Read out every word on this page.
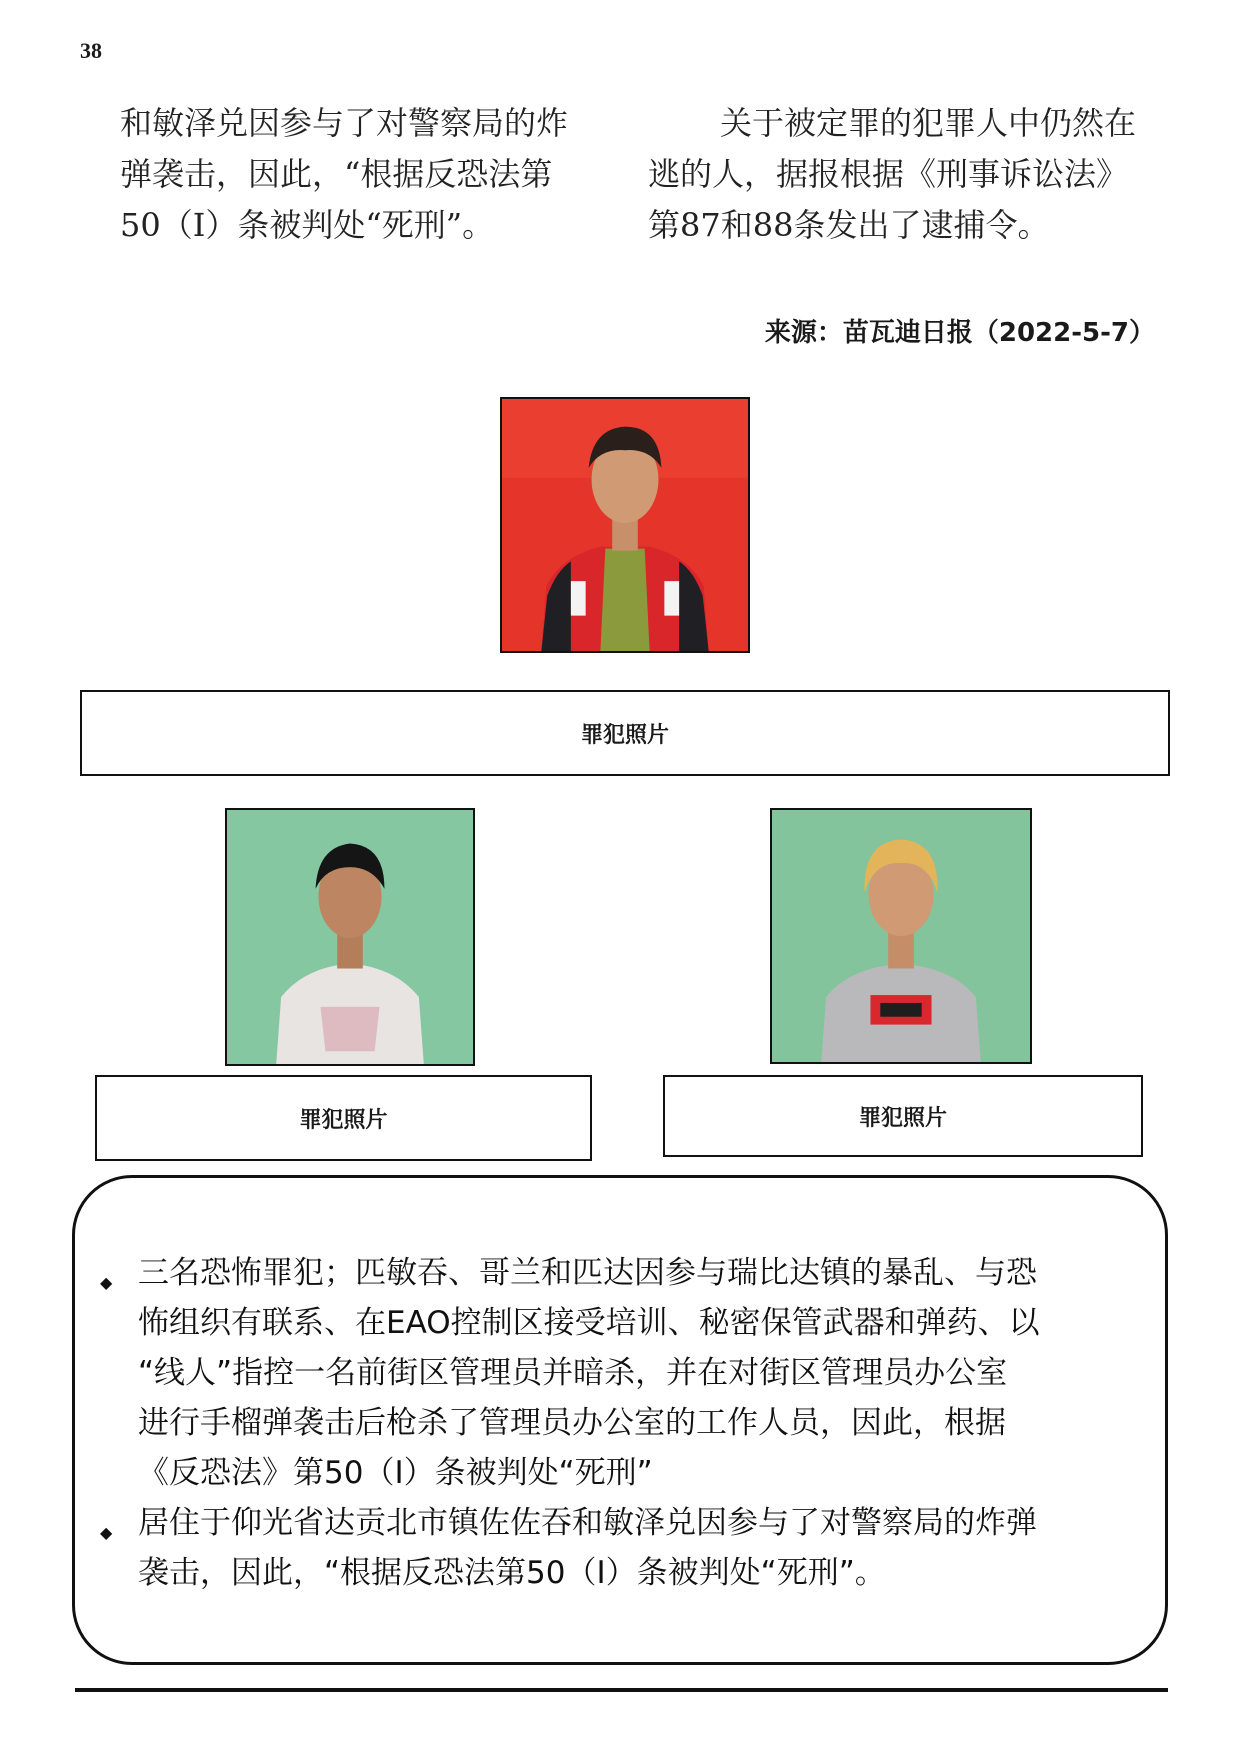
38
和敏泽兑因参与了对警察局的炸
弹袭击，因此，“根据反恐法第
50（I）条被判处“死刑”。
关于被定罪的犯罪人中仍然在
逃的人，据报根据《刑事诉讼法》
第87和88条发出了逮捕令。
来源：苗瓦迪日报（2022-5-7）
罪犯照片
罪犯照片	罪犯照片
◆ 三名恐怖罪犯；匹敏吞、哥兰和匹达因参与瑞比达镇的暴乱、与恐
怖组织有联系、在EAO控制区接受培训、秘密保管武器和弹药、以
“线人”指控一名前街区管理员并暗杀，并在对街区管理员办公室
进行手榴弹袭击后枪杀了管理员办公室的工作人员，因此，根据
《反恐法》第50（I）条被判处“死刑”
◆ 居住于仰光省达贡北市镇佐佐吞和敏泽兑因参与了对警察局的炸弹
袭击，因此，“根据反恐法第50（I）条被判处“死刑”。
